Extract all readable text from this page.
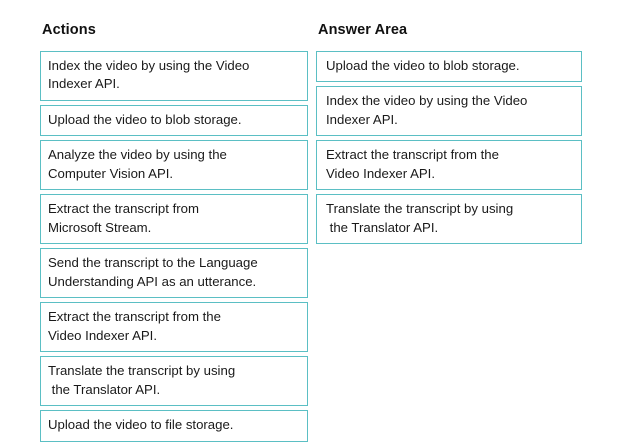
Actions
Index the video by using the Video
Indexer API.
Upload the video to blob storage.
Analyze the video by using the
Computer Vision API.
Extract the transcript from
Microsoft Stream.
Send the transcript to the Language
Understanding API as an utterance.
Extract the transcript from the
Video Indexer API.
Translate the transcript by using
the Translator API.
Upload the video to file storage.
Answer Area
Upload the video to blob storage.
Index the video by using the Video
Indexer API.
Extract the transcript from the
Video Indexer API.
Translate the transcript by using
the Translator API.
